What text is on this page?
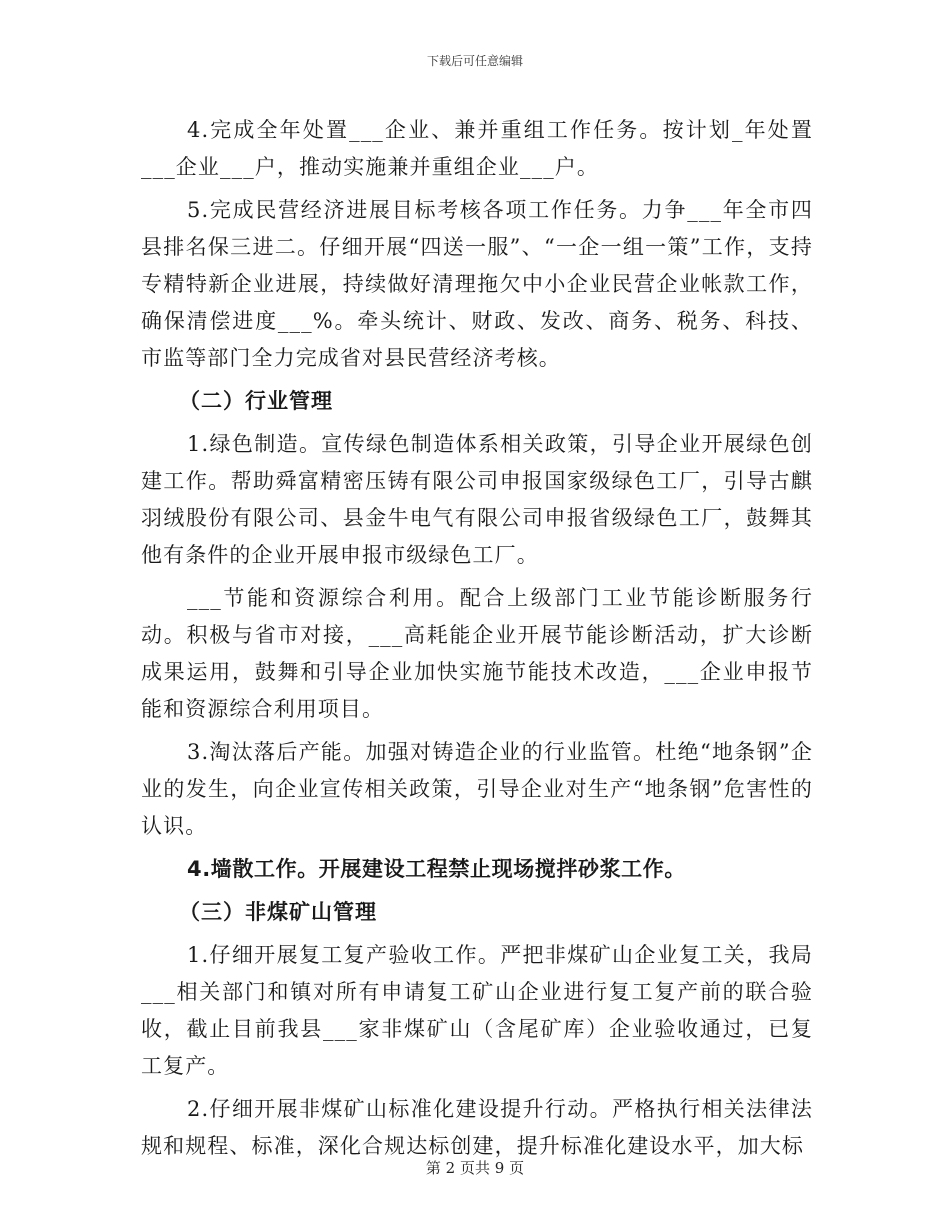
下载后可任意编辑

4.完成全年处置___企业、兼并重组工作任务。按计划_年处置___企业___户，推动实施兼并重组企业___户。

5.完成民营经济进展目标考核各项工作任务。力争___年全市四县排名保三进二。仔细开展“四送一服”、“一企一组一策”工作，支持专精特新企业进展，持续做好清理拖欠中小企业民营企业帐款工作，确保清偿进度___%。牵头统计、财政、发改、商务、税务、科技、市监等部门全力完成省对县民营经济考核。

（二）行业管理

1.绿色制造。宣传绿色制造体系相关政策，引导企业开展绿色创建工作。帮助舜富精密压铸有限公司申报国家级绿色工厂，引导古麒羽绒股份有限公司、县金牛电气有限公司申报省级绿色工厂，鼓舞其他有条件的企业开展申报市级绿色工厂。

___节能和资源综合利用。配合上级部门工业节能诊断服务行动。积极与省市对接，___高耗能企业开展节能诊断活动，扩大诊断成果运用，鼓舞和引导企业加快实施节能技术改造，___企业申报节能和资源综合利用项目。

3.淘汰落后产能。加强对铸造企业的行业监管。杜绝“地条钢”企业的发生，向企业宣传相关政策，引导企业对生产“地条钢”危害性的认识。

4.墙散工作。开展建设工程禁止现场搅拌砂浆工作。

（三）非煤矿山管理

1.仔细开展复工复产验收工作。严把非煤矿山企业复工关，我局___相关部门和镇对所有申请复工矿山企业进行复工复产前的联合验收，截止目前我县___家非煤矿山（含尾矿库）企业验收通过，已复工复产。

2.仔细开展非煤矿山标准化建设提升行动。严格执行相关法律法规和规程、标准，深化合规达标创建，提升标准化建设水平，加大标

第 2 页共 9 页
